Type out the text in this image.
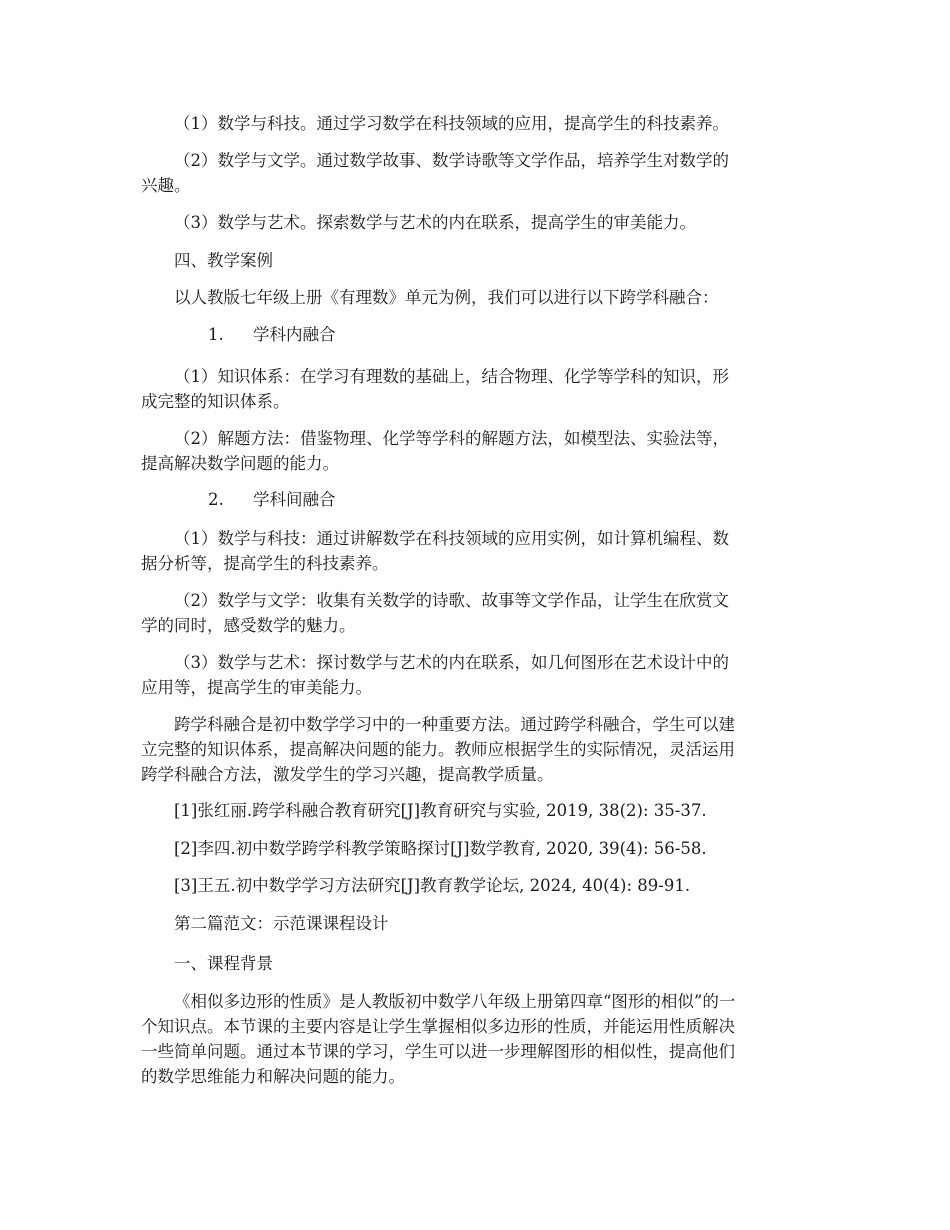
（1）数学与科技。通过学习数学在科技领域的应用，提高学生的科技素养。

（2）数学与文学。通过数学故事、数学诗歌等文学作品，培养学生对数学的

兴趣。

（3）数学与艺术。探索数学与艺术的内在联系，提高学生的审美能力。

四、教学案例

以人教版七年级上册《有理数》单元为例，我们可以进行以下跨学科融合：

1. 学科内融合

（1）知识体系：在学习有理数的基础上，结合物理、化学等学科的知识，形

成完整的知识体系。

（2）解题方法：借鉴物理、化学等学科的解题方法，如模型法、实验法等，

提高解决数学问题的能力。

2. 学科间融合

（1）数学与科技：通过讲解数学在科技领域的应用实例，如计算机编程、数

据分析等，提高学生的科技素养。

（2）数学与文学：收集有关数学的诗歌、故事等文学作品，让学生在欣赏文

学的同时，感受数学的魅力。

（3）数学与艺术：探讨数学与艺术的内在联系，如几何图形在艺术设计中的

应用等，提高学生的审美能力。

跨学科融合是初中数学学习中的一种重要方法。通过跨学科融合，学生可以建

立完整的知识体系，提高解决问题的能力。教师应根据学生的实际情况，灵活运用

跨学科融合方法，激发学生的学习兴趣，提高教学质量。

[1]张红丽.跨学科融合教育研究[J]教育研究与实验, 2019, 38(2): 35-37.

[2]李四.初中数学跨学科教学策略探讨[J]数学教育, 2020, 39(4): 56-58.

[3]王五.初中数学学习方法研究[J]教育教学论坛, 2024, 40(4): 89-91.

第二篇范文：示范课课程设计

一、课程背景

《相似多边形的性质》是人教版初中数学八年级上册第四章“图形的相似”的一

个知识点。本节课的主要内容是让学生掌握相似多边形的性质，并能运用性质解决

一些简单问题。通过本节课的学习，学生可以进一步理解图形的相似性，提高他们

的数学思维能力和解决问题的能力。
